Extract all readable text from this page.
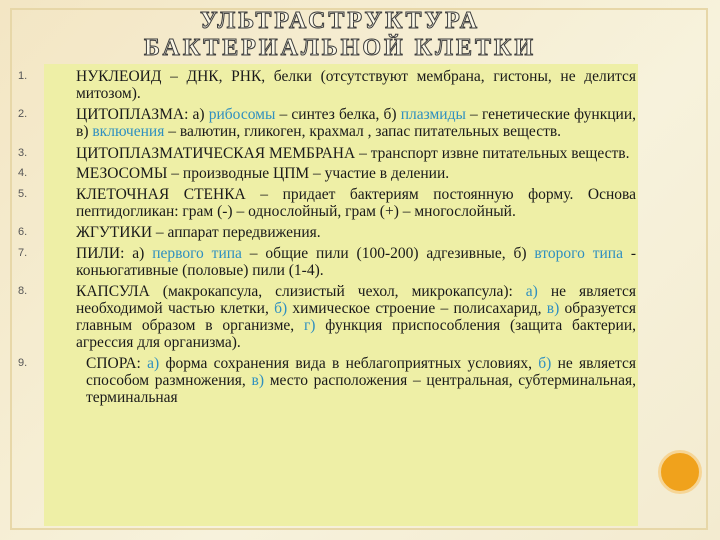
УЛЬТРАСТРУКТУРА
БАКТЕРИАЛЬНОЙ КЛЕТКИ
1.	НУКЛЕОИД – ДНК, РНК, белки (отсутствуют мембрана, гистоны, не делится митозом).
2.	ЦИТОПЛАЗМА: а) рибосомы – синтез белка, б) плазмиды – генетические функции, в) включения – валютин, гликоген, крахмал , запас питательных веществ.
3.	ЦИТОПЛАЗМАТИЧЕСКАЯ МЕМБРАНА – транспорт извне питательных веществ.
4.	МЕЗОСОМЫ – производные ЦПМ – участие в делении.
5.	КЛЕТОЧНАЯ СТЕНКА – придает бактериям постоянную форму. Основа пептидогликан: грам (-) – однослойный, грам (+) – многослойный.
6.	ЖГУТИКИ – аппарат передвижения.
7.	ПИЛИ: а) первого типа – общие пили (100-200) адгезивные, б) второго типа - коньюгативные (половые) пили (1-4).
8.	КАПСУЛА (макрокапсула, слизистый чехол, микрокапсула): а) не является необходимой частью клетки, б) химическое строение – полисахарид, в) образуется главным образом в организме, г) функция приспособления (защита бактерии, агрессия для организма).
9.	СПОРА: а) форма сохранения вида в неблагоприятных условиях, б) не является способом размножения, в) место расположения – центральная, субтерминальная, терминальная
